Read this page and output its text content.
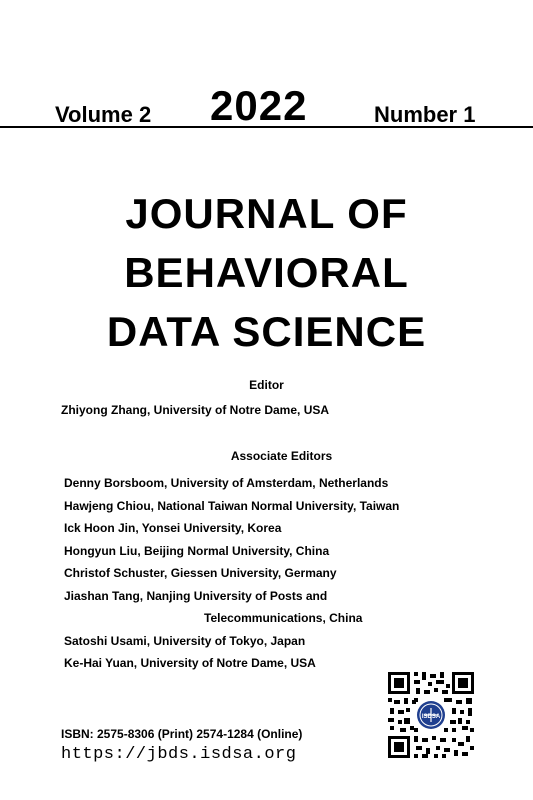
Volume 2 2022	Number 1
JOURNAL OF
BEHAVIORAL
DATA SCIENCE
Editor
Zhiyong Zhang, University of Notre Dame, USA
Associate Editors
Denny Borsboom, University of Amsterdam, Netherlands
Hawjeng Chiou, National Taiwan Normal University, Taiwan
Ick Hoon Jin, Yonsei University, Korea
Hongyun Liu, Beijing Normal University, China
Christof Schuster, Giessen University, Germany
Jiashan Tang, Nanjing University of Posts and
Telecommunications, China
Satoshi Usami, University of Tokyo, Japan
Ke-Hai Yuan, University of Notre Dame, USA
ISBN: 2575-8306 (Print) 2574-1284 (Online)
https://jbds.isdsa.org
ISDSA
